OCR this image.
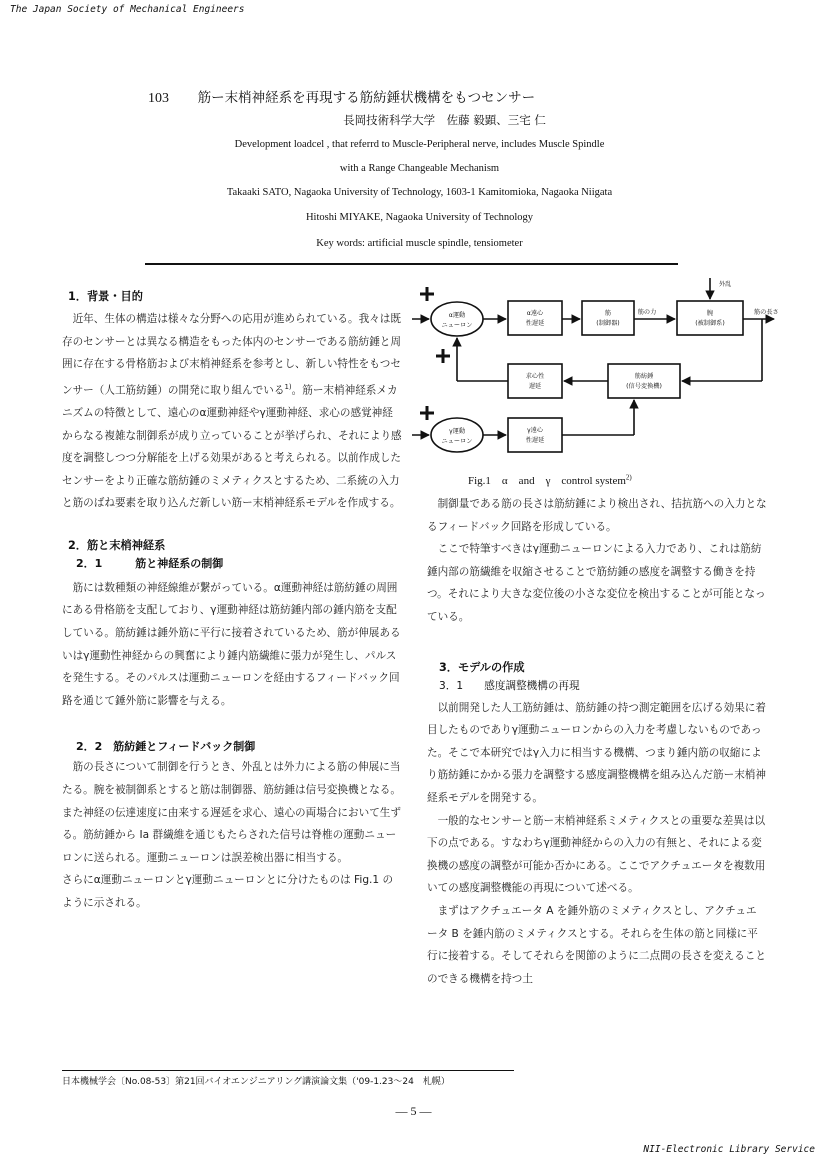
The Japan Society of Mechanical Engineers
103 筋ー末梢神経系を再現する筋紡錘状機構をもつセンサー
長岡技術科学大学　佐藤 毅顕、三宅 仁
Development loadcel , that referrd to Muscle-Peripheral nerve, includes Muscle Spindle
with a Range Changeable Mechanism
Takaaki SATO, Nagaoka University of Technology, 1603-1 Kamitomioka, Nagaoka Niigata
Hitoshi MIYAKE, Nagaoka University of Technology
Key words: artificial muscle spindle, tensiometer
1．背景・目的

近年、生体の構造は様々な分野への応用が進められている。我々は既存のセンサーとは異なる構造をもった体内のセンサーである筋紡錘と周囲に存在する骨格筋および末梢神経系を参考とし、新しい特性をもつセンサー（人工筋紡錘）の開発に取り組んでいる$^{1)}$。筋ー末梢神経系メカニズムの特徴として、遠心のα運動神経やγ運動神経、求心の感覚神経からなる複雑な制御系が成り立っていることが挙げられ、それにより感度を調整しつつ分解能を上げる効果があると考えられる。以前作成したセンサーをより正確な筋紡錘のミメティクスとするため、二系統の入力と筋のばね要素を取り込んだ新しい筋ー末梢神経系モデルを作成する。

2．筋と末梢神経系
2．1　　　筋と神経系の制御

筋には数種類の神経線維が繋がっている。α運動神経は筋紡錘の周囲にある骨格筋を支配しており、γ運動神経は筋紡錘内部の錘内筋を支配している。筋紡錘は錘外筋に平行に接着されているため、筋が伸展あるいはγ運動性神経からの興奮により錘内筋繊維に張力が発生し、パルスを発生する。そのパルスは運動ニューロンを経由するフィードバック回路を通じて錘外筋に影響を与える。

2．2　筋紡錘とフィードバック制御

筋の長さについて制御を行うとき、外乱とは外力による筋の伸展に当たる。腕を被制御系とすると筋は制御器、筋紡錘は信号変換機となる。また神経の伝達速度に由来する遅延を求心、遠心の両場合において生ずる。筋紡錘から Ia 群繊維を通じもたらされた信号は脊椎の運動ニューロンに送られる。運動ニューロンは誤差検出器に相当する。

さらにα運動ニューロンとγ運動ニューロンとに分けたものは Fig.1 のように示される。

外乱
α運動
ニューロン
α遠心
性遅延
筋
(制御器)
筋の力	腕
(被制御系)
筋の長さ
求心性
遅延
筋紡錘
(信号変換機)
γ運動
ニューロン
γ遠心
性遅延
Fig.1　α　and　γ　control system$^{2)}$

制御量である筋の長さは筋紡錘により検出され、拮抗筋への入力となるフィードバック回路を形成している。

ここで特筆すべきはγ運動ニューロンによる入力であり、これは筋紡錘内部の筋繊維を収縮させることで筋紡錘の感度を調整する働きを持つ。それにより大きな変位後の小さな変位を検出することが可能となっている。

3．モデルの作成
3．1　　感度調整機構の再現

以前開発した人工筋紡錘は、筋紡錘の持つ測定範囲を広げる効果に着目したものでありγ運動ニューロンからの入力を考慮しないものであった。そこで本研究ではγ入力に相当する機構、つまり錘内筋の収縮により筋紡錘にかかる張力を調整する感度調整機構を組み込んだ筋ー末梢神経系モデルを開発する。

一般的なセンサーと筋ー末梢神経系ミメティクスとの重要な差異は以下の点である。すなわちγ運動神経からの入力の有無と、それによる変換機の感度の調整が可能か否かにある。ここでアクチュエータを複数用いての感度調整機能の再現について述べる。

まずはアクチュエータ A を錘外筋のミメティクスとし、アクチュエータ B を錘内筋のミメティクスとする。それらを生体の筋と同様に平行に接着する。そしてそれらを関節のように二点間の長さを変えることのできる機構を持つ土

日本機械学会〔No.08-53〕第21回バイオエンジニアリング講演論文集（'09-1.23〜24　札幌）
— 5 —
NII-Electronic Library Service
